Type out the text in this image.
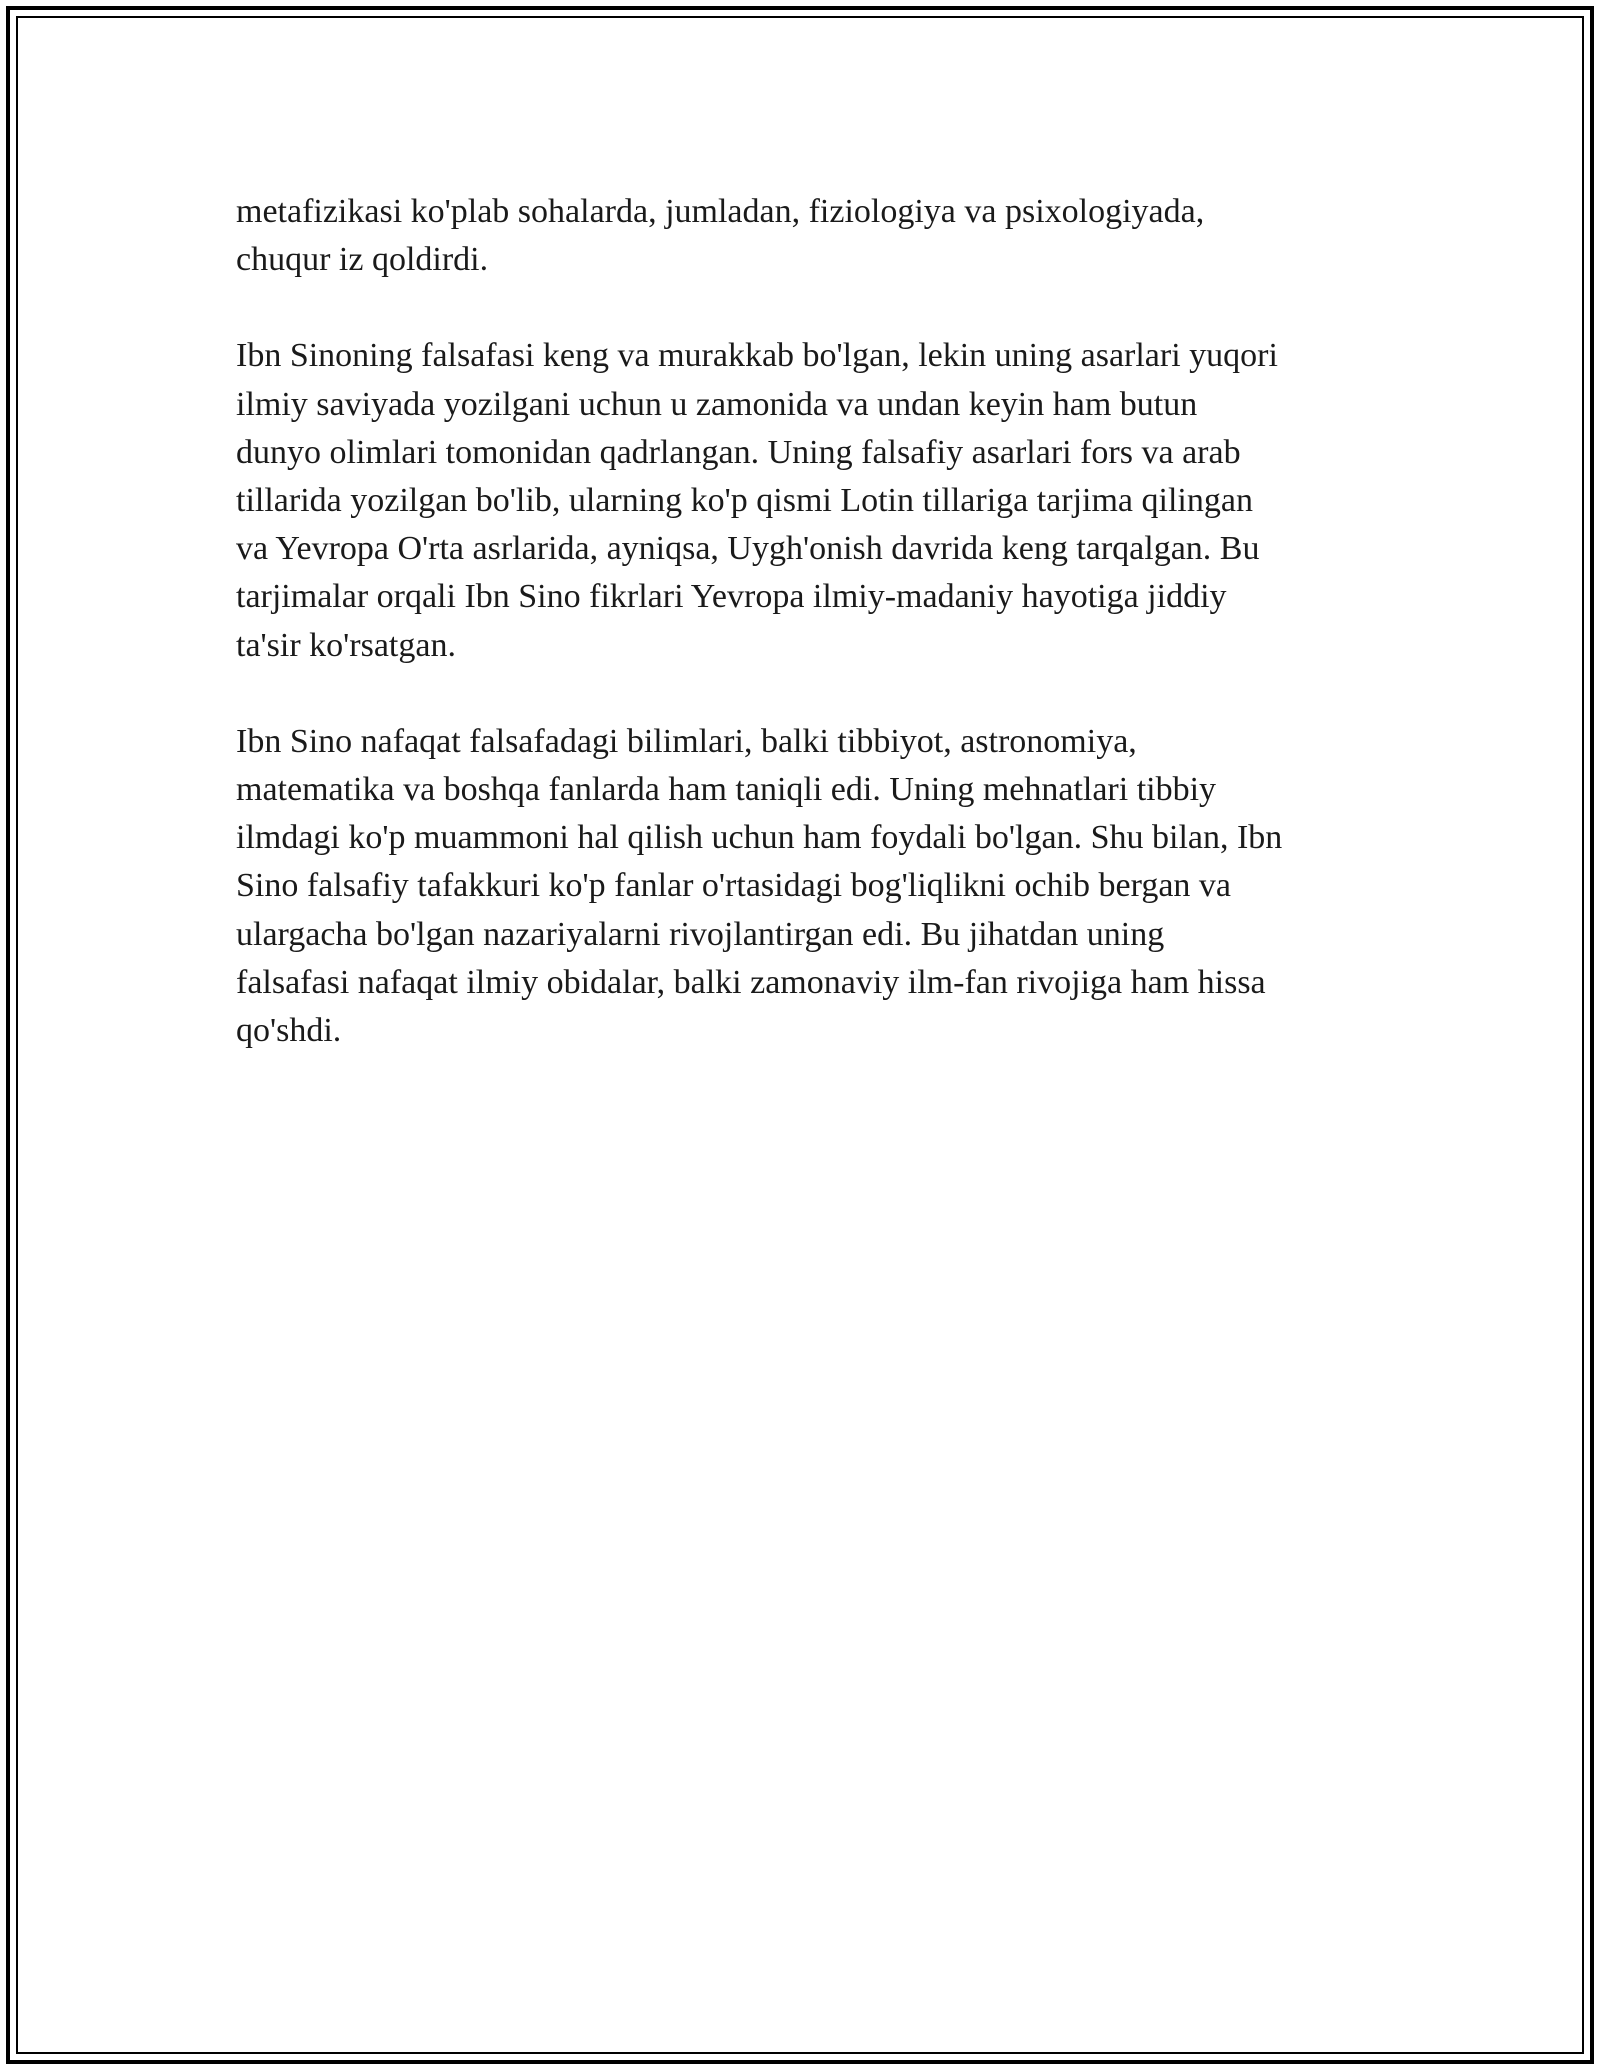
metafizikasi ko'plab sohalarda, jumladan, fiziologiya va psixologiyada,
chuqur iz qoldirdi.

Ibn Sinoning falsafasi keng va murakkab bo'lgan, lekin uning asarlari yuqori
ilmiy saviyada yozilgani uchun u zamonida va undan keyin ham butun
dunyo olimlari tomonidan qadrlangan. Uning falsafiy asarlari fors va arab
tillarida yozilgan bo'lib, ularning ko'p qismi Lotin tillariga tarjima qilingan
va Yevropa O'rta asrlarida, ayniqsa, Uygh'onish davrida keng tarqalgan. Bu
tarjimalar orqali Ibn Sino fikrlari Yevropa ilmiy-madaniy hayotiga jiddiy
ta'sir ko'rsatgan.

Ibn Sino nafaqat falsafadagi bilimlari, balki tibbiyot, astronomiya,
matematika va boshqa fanlarda ham taniqli edi. Uning mehnatlari tibbiy
ilmdagi ko'p muammoni hal qilish uchun ham foydali bo'lgan. Shu bilan, Ibn
Sino falsafiy tafakkuri ko'p fanlar o'rtasidagi bog'liqlikni ochib bergan va
ulargacha bo'lgan nazariyalarni rivojlantirgan edi. Bu jihatdan uning
falsafasi nafaqat ilmiy obidalar, balki zamonaviy ilm-fan rivojiga ham hissa
qo'shdi.
